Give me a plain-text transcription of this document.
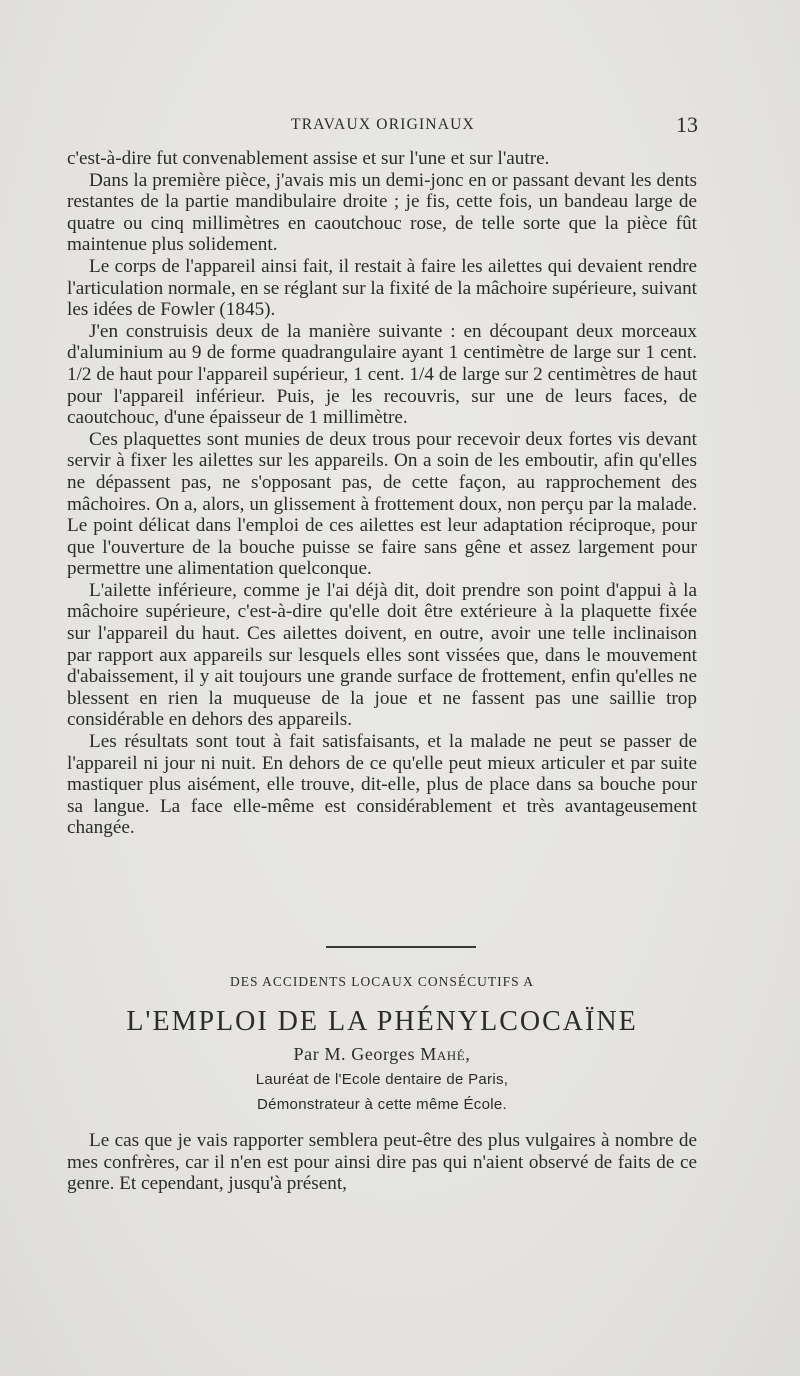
TRAVAUX ORIGINAUX	13

c'est-à-dire fut convenablement assise et sur l'une et sur l'autre.

Dans la première pièce, j'avais mis un demi-jonc en or passant devant les dents restantes de la partie mandibulaire droite ; je fis, cette fois, un bandeau large de quatre ou cinq millimètres en caoutchouc rose, de telle sorte que la pièce fût maintenue plus solidement.

Le corps de l'appareil ainsi fait, il restait à faire les ailettes qui devaient rendre l'articulation normale, en se réglant sur la fixité de la mâchoire supérieure, suivant les idées de Fowler (1845).

J'en construisis deux de la manière suivante : en découpant deux morceaux d'aluminium au 9 de forme quadrangulaire ayant 1 centimètre de large sur 1 cent. 1/2 de haut pour l'appareil supérieur, 1 cent. 1/4 de large sur 2 centimètres de haut pour l'appareil inférieur. Puis, je les recouvris, sur une de leurs faces, de caoutchouc, d'une épaisseur de 1 millimètre.

Ces plaquettes sont munies de deux trous pour recevoir deux fortes vis devant servir à fixer les ailettes sur les appareils. On a soin de les emboutir, afin qu'elles ne dépassent pas, ne s'opposant pas, de cette façon, au rapprochement des mâchoires. On a, alors, un glissement à frottement doux, non perçu par la malade. Le point délicat dans l'emploi de ces ailettes est leur adaptation réciproque, pour que l'ouverture de la bouche puisse se faire sans gêne et assez largement pour permettre une alimentation quelconque.

L'ailette inférieure, comme je l'ai déjà dit, doit prendre son point d'appui à la mâchoire supérieure, c'est-à-dire qu'elle doit être extérieure à la plaquette fixée sur l'appareil du haut. Ces ailettes doivent, en outre, avoir une telle inclinaison par rapport aux appareils sur lesquels elles sont vissées que, dans le mouvement d'abaissement, il y ait toujours une grande surface de frottement, enfin qu'elles ne blessent en rien la muqueuse de la joue et ne fassent pas une saillie trop considérable en dehors des appareils.

Les résultats sont tout à fait satisfaisants, et la malade ne peut se passer de l'appareil ni jour ni nuit. En dehors de ce qu'elle peut mieux articuler et par suite mastiquer plus aisément, elle trouve, dit-elle, plus de place dans sa bouche pour sa langue. La face elle-même est considérablement et très avantageusement changée.

DES ACCIDENTS LOCAUX CONSÉCUTIFS A
L'EMPLOI DE LA PHÉNYLCOCAÏNE
Par M. Georges Mahé,
Lauréat de l'Ecole dentaire de Paris,
Démonstrateur à cette même École.

Le cas que je vais rapporter semblera peut-être des plus vulgaires à nombre de mes confrères, car il n'en est pour ainsi dire pas qui n'aient observé de faits de ce genre. Et cependant, jusqu'à présent,
